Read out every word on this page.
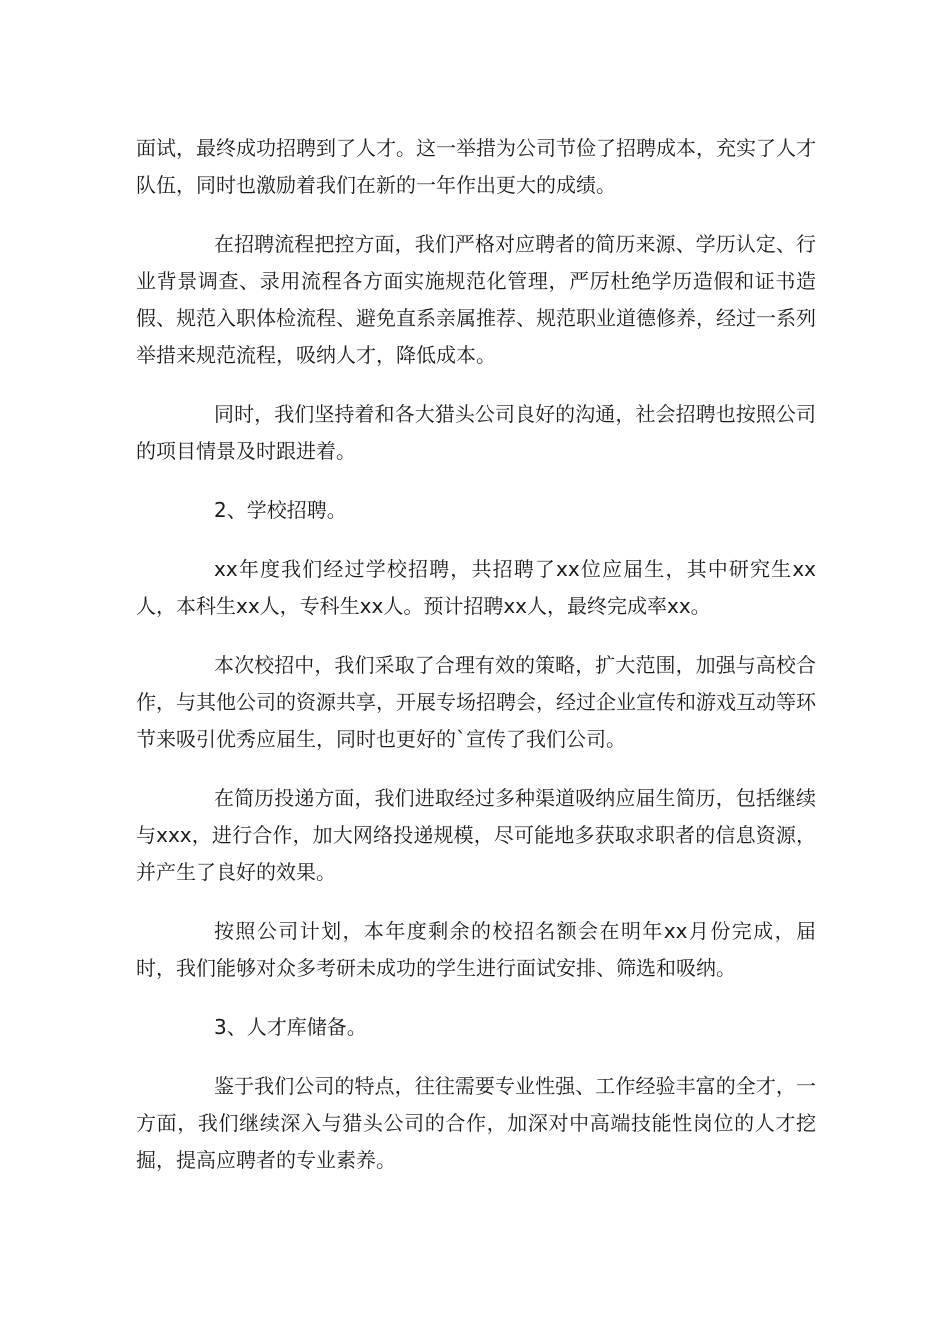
面试，最终成功招聘到了人才。这一举措为公司节俭了招聘成本，充实了人才队伍，同时也激励着我们在新的一年作出更大的成绩。

在招聘流程把控方面，我们严格对应聘者的简历来源、学历认定、行业背景调查、录用流程各方面实施规范化管理，严厉杜绝学历造假和证书造假、规范入职体检流程、避免直系亲属推荐、规范职业道德修养，经过一系列举措来规范流程，吸纳人才，降低成本。

同时，我们坚持着和各大猎头公司良好的沟通，社会招聘也按照公司的项目情景及时跟进着。

2、学校招聘。

xx年度我们经过学校招聘，共招聘了xx位应届生，其中研究生xx人，本科生xx人，专科生xx人。预计招聘xx人，最终完成率xx。

本次校招中，我们采取了合理有效的策略，扩大范围，加强与高校合作，与其他公司的资源共享，开展专场招聘会，经过企业宣传和游戏互动等环节来吸引优秀应届生，同时也更好的`宣传了我们公司。

在简历投递方面，我们进取经过多种渠道吸纳应届生简历，包括继续与xxx，进行合作，加大网络投递规模，尽可能地多获取求职者的信息资源，并产生了良好的效果。

按照公司计划，本年度剩余的校招名额会在明年xx月份完成，届时，我们能够对众多考研未成功的学生进行面试安排、筛选和吸纳。

3、人才库储备。

鉴于我们公司的特点，往往需要专业性强、工作经验丰富的全才，一方面，我们继续深入与猎头公司的合作，加深对中高端技能性岗位的人才挖掘，提高应聘者的专业素养。
